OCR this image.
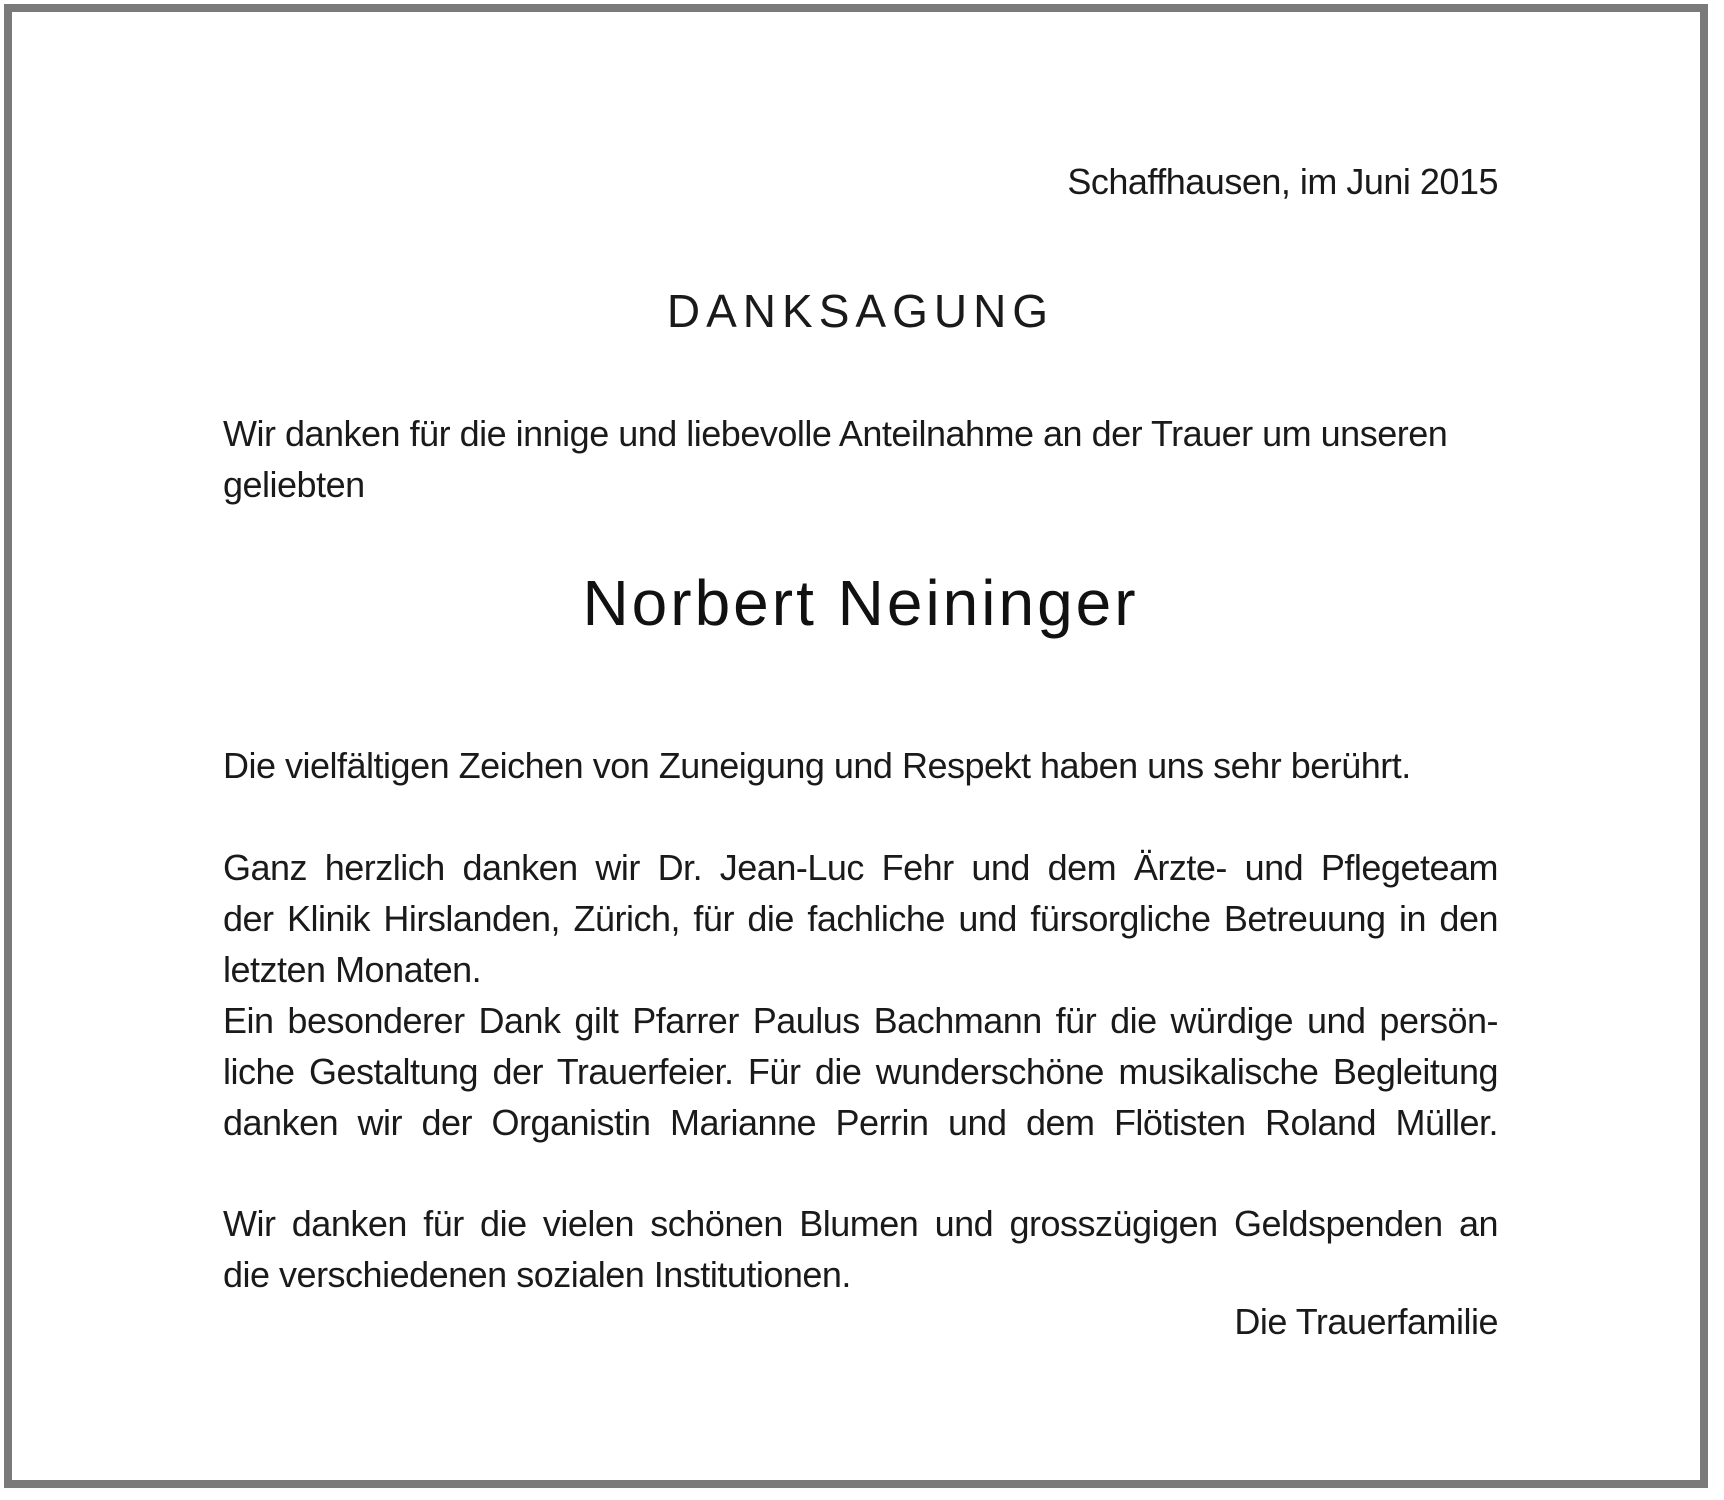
Schaffhausen, im Juni 2015
DANKSAGUNG

Wir danken für die innige und liebevolle Anteilnahme an der Trauer um unseren
geliebten

Norbert Neininger

Die vielfältigen Zeichen von Zuneigung und Respekt haben uns sehr berührt.

Ganz herzlich danken wir Dr. Jean-Luc Fehr und dem Ärzte- und Pflegeteam
der Klinik Hirslanden, Zürich, für die fachliche und fürsorgliche Betreuung in den
letzten Monaten.
Ein besonderer Dank gilt Pfarrer Paulus Bachmann für die würdige und persön-
liche Gestaltung der Trauerfeier. Für die wunderschöne musikalische Begleitung
danken wir der Organistin Marianne Perrin und dem Flötisten Roland Müller.

Wir danken für die vielen schönen Blumen und grosszügigen Geldspenden an
die verschiedenen sozialen Institutionen.

Die Trauerfamilie
